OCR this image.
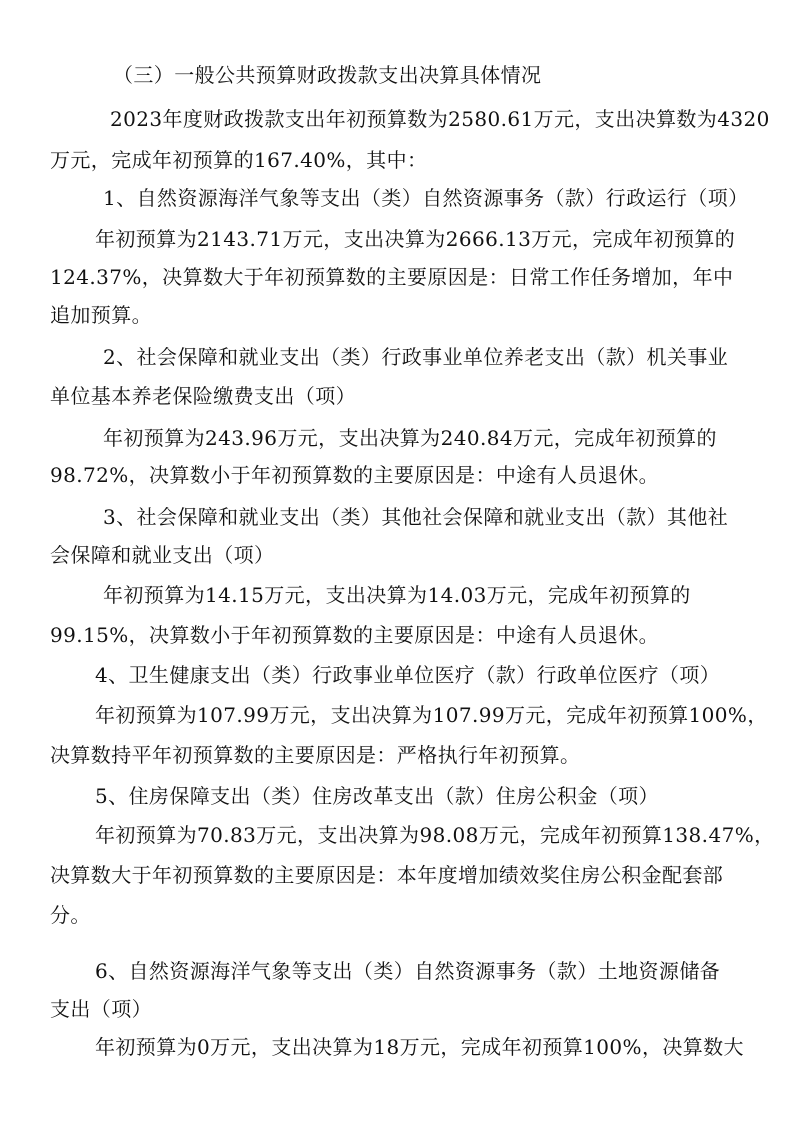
（三）一般公共预算财政拨款支出决算具体情况
2023年度财政拨款支出年初预算数为2580.61万元，支出决算数为4320
万元，完成年初预算的167.40%，其中：
1、自然资源海洋气象等支出（类）自然资源事务（款）行政运行（项）
年初预算为2143.71万元，支出决算为2666.13万元，完成年初预算的
124.37%，决算数大于年初预算数的主要原因是：日常工作任务增加，年中
追加预算。
2、社会保障和就业支出（类）行政事业单位养老支出（款）机关事业
单位基本养老保险缴费支出（项）
年初预算为243.96万元，支出决算为240.84万元，完成年初预算的
98.72%，决算数小于年初预算数的主要原因是：中途有人员退休。
3、社会保障和就业支出（类）其他社会保障和就业支出（款）其他社
会保障和就业支出（项）
年初预算为14.15万元，支出决算为14.03万元，完成年初预算的
99.15%，决算数小于年初预算数的主要原因是：中途有人员退休。
4、卫生健康支出（类）行政事业单位医疗（款）行政单位医疗（项）
年初预算为107.99万元，支出决算为107.99万元，完成年初预算100%，
决算数持平年初预算数的主要原因是：严格执行年初预算。
5、住房保障支出（类）住房改革支出（款）住房公积金（项）
年初预算为70.83万元，支出决算为98.08万元，完成年初预算138.47%，
决算数大于年初预算数的主要原因是：本年度增加绩效奖住房公积金配套部
分。
6、自然资源海洋气象等支出（类）自然资源事务（款）土地资源储备
支出（项）
年初预算为0万元，支出决算为18万元，完成年初预算100%，决算数大
